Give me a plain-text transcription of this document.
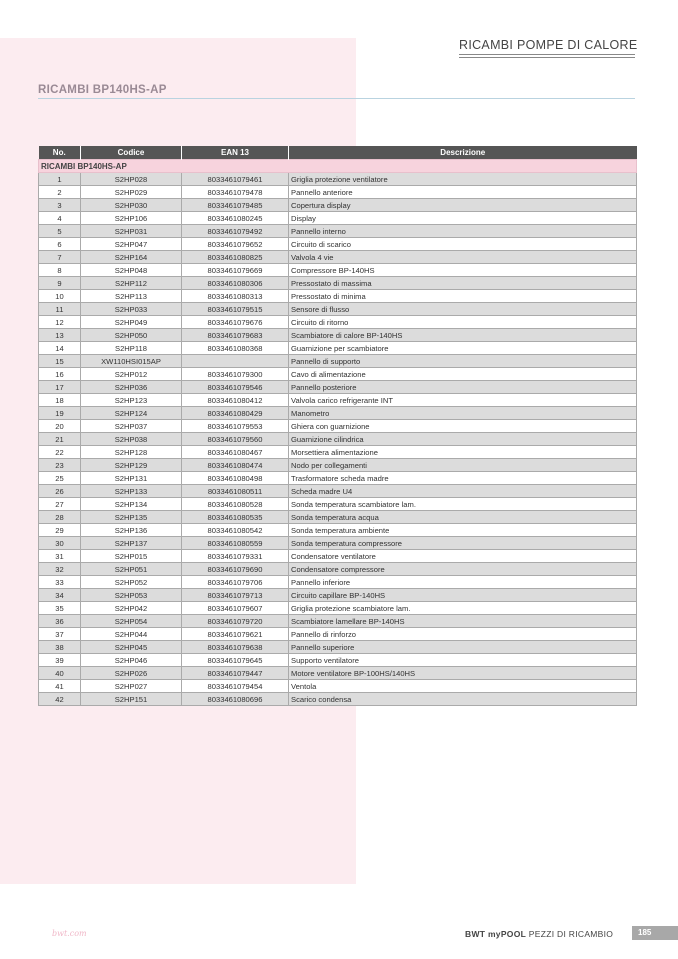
RICAMBI POMPE DI CALORE
RICAMBI BP140HS-AP
No.	Codice	EAN 13	Descrizione
RICAMBI BP140HS-AP			
1	S2HP028	8033461079461	Griglia protezione ventilatore
2	S2HP029	8033461079478	Pannello anteriore
3	S2HP030	8033461079485	Copertura display
4	S2HP106	8033461080245	Display
5	S2HP031	8033461079492	Pannello interno
6	S2HP047	8033461079652	Circuito di scarico
7	S2HP164	8033461080825	Valvola 4 vie
8	S2HP048	8033461079669	Compressore BP-140HS
9	S2HP112	8033461080306	Pressostato di massima
10	S2HP113	8033461080313	Pressostato di minima
11	S2HP033	8033461079515	Sensore di flusso
12	S2HP049	8033461079676	Circuito di ritorno
13	S2HP050	8033461079683	Scambiatore di calore BP-140HS
14	S2HP118	8033461080368	Guarnizione per scambiatore
15	XW110HSI015AP		Pannello di supporto
16	S2HP012	8033461079300	Cavo di alimentazione
17	S2HP036	8033461079546	Pannello posteriore
18	S2HP123	8033461080412	Valvola carico refrigerante INT
19	S2HP124	8033461080429	Manometro
20	S2HP037	8033461079553	Ghiera con guarnizione
21	S2HP038	8033461079560	Guarnizione cilindrica
22	S2HP128	8033461080467	Morsettiera alimentazione
23	S2HP129	8033461080474	Nodo per collegamenti
25	S2HP131	8033461080498	Trasformatore scheda madre
26	S2HP133	8033461080511	Scheda madre U4
27	S2HP134	8033461080528	Sonda temperatura scambiatore lam.
28	S2HP135	8033461080535	Sonda temperatura acqua
29	S2HP136	8033461080542	Sonda temperatura ambiente
30	S2HP137	8033461080559	Sonda temperatura compressore
31	S2HP015	8033461079331	Condensatore ventilatore
32	S2HP051	8033461079690	Condensatore compressore
33	S2HP052	8033461079706	Pannello inferiore
34	S2HP053	8033461079713	Circuito capillare BP-140HS
35	S2HP042	8033461079607	Griglia protezione scambiatore lam.
36	S2HP054	8033461079720	Scambiatore lamellare BP-140HS
37	S2HP044	8033461079621	Pannello di rinforzo
38	S2HP045	8033461079638	Pannello superiore
39	S2HP046	8033461079645	Supporto ventilatore
40	S2HP026	8033461079447	Motore ventilatore BP-100HS/140HS
41	S2HP027	8033461079454	Ventola
42	S2HP151	8033461080696	Scarico condensa
bwt.com	BWT myPOOL PEZZI DI RICAMBIO	185
